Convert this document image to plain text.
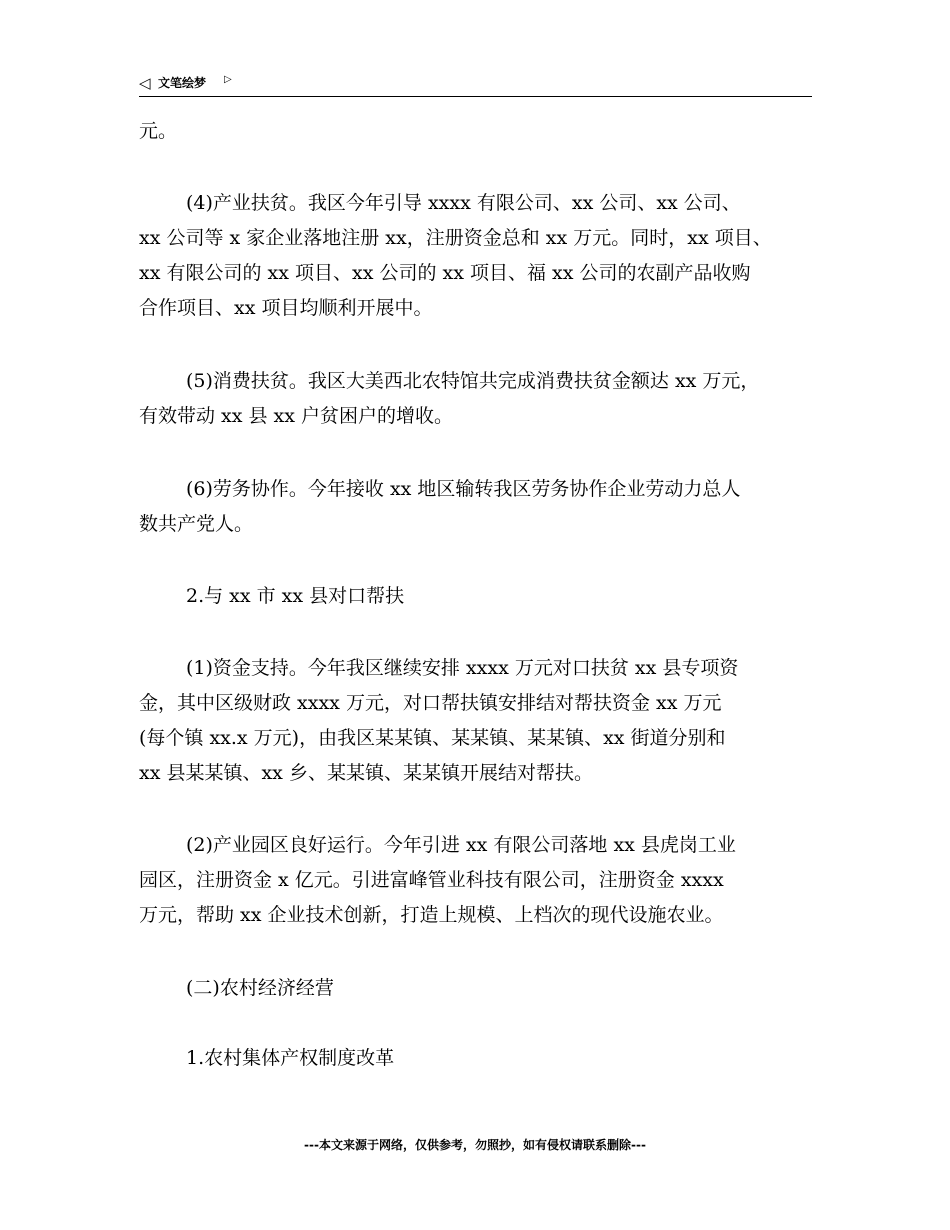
◁ 文笔绘梦 ▷
元。
(4)产业扶贫。我区今年引导 xxxx 有限公司、xx 公司、xx 公司、
xx 公司等 x 家企业落地注册 xx，注册资金总和 xx 万元。同时，xx 项目、
xx 有限公司的 xx 项目、xx 公司的 xx 项目、福 xx 公司的农副产品收购
合作项目、xx 项目均顺利开展中。
(5)消费扶贫。我区大美西北农特馆共完成消费扶贫金额达 xx 万元，
有效带动 xx 县 xx 户贫困户的增收。
(6)劳务协作。今年接收 xx 地区输转我区劳务协作企业劳动力总人
数共产党人。
2.与 xx 市 xx 县对口帮扶
(1)资金支持。今年我区继续安排 xxxx 万元对口扶贫 xx 县专项资
金，其中区级财政 xxxx 万元，对口帮扶镇安排结对帮扶资金 xx 万元
(每个镇 xx.x 万元)，由我区某某镇、某某镇、某某镇、xx 街道分别和
xx 县某某镇、xx 乡、某某镇、某某镇开展结对帮扶。
(2)产业园区良好运行。今年引进 xx 有限公司落地 xx 县虎岗工业
园区，注册资金 x 亿元。引进富峰管业科技有限公司，注册资金 xxxx
万元，帮助 xx 企业技术创新，打造上规模、上档次的现代设施农业。
(二)农村经济经营
1.农村集体产权制度改革
---本文来源于网络，仅供参考，勿照抄，如有侵权请联系删除---
